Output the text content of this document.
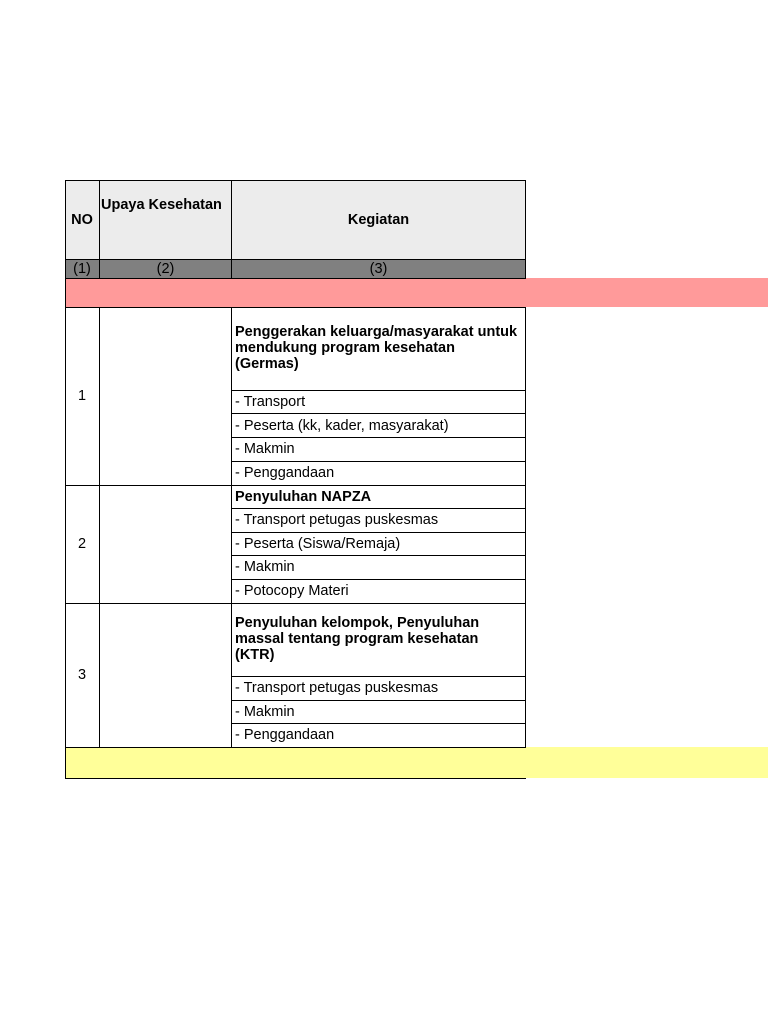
NO
Upaya Kesehatan
Kegiatan
(1)	(2)	(3)
1
2
3
Penggerakan keluarga/masyarakat untuk mendukung program kesehatan (Germas)
- Transport
- Peserta (kk, kader, masyarakat)
- Makmin
- Penggandaan
Penyuluhan NAPZA
- Transport petugas puskesmas
- Peserta (Siswa/Remaja)
- Makmin
- Potocopy Materi
Penyuluhan kelompok, Penyuluhan massal tentang program kesehatan (KTR)
- Transport petugas puskesmas
- Makmin
- Penggandaan
